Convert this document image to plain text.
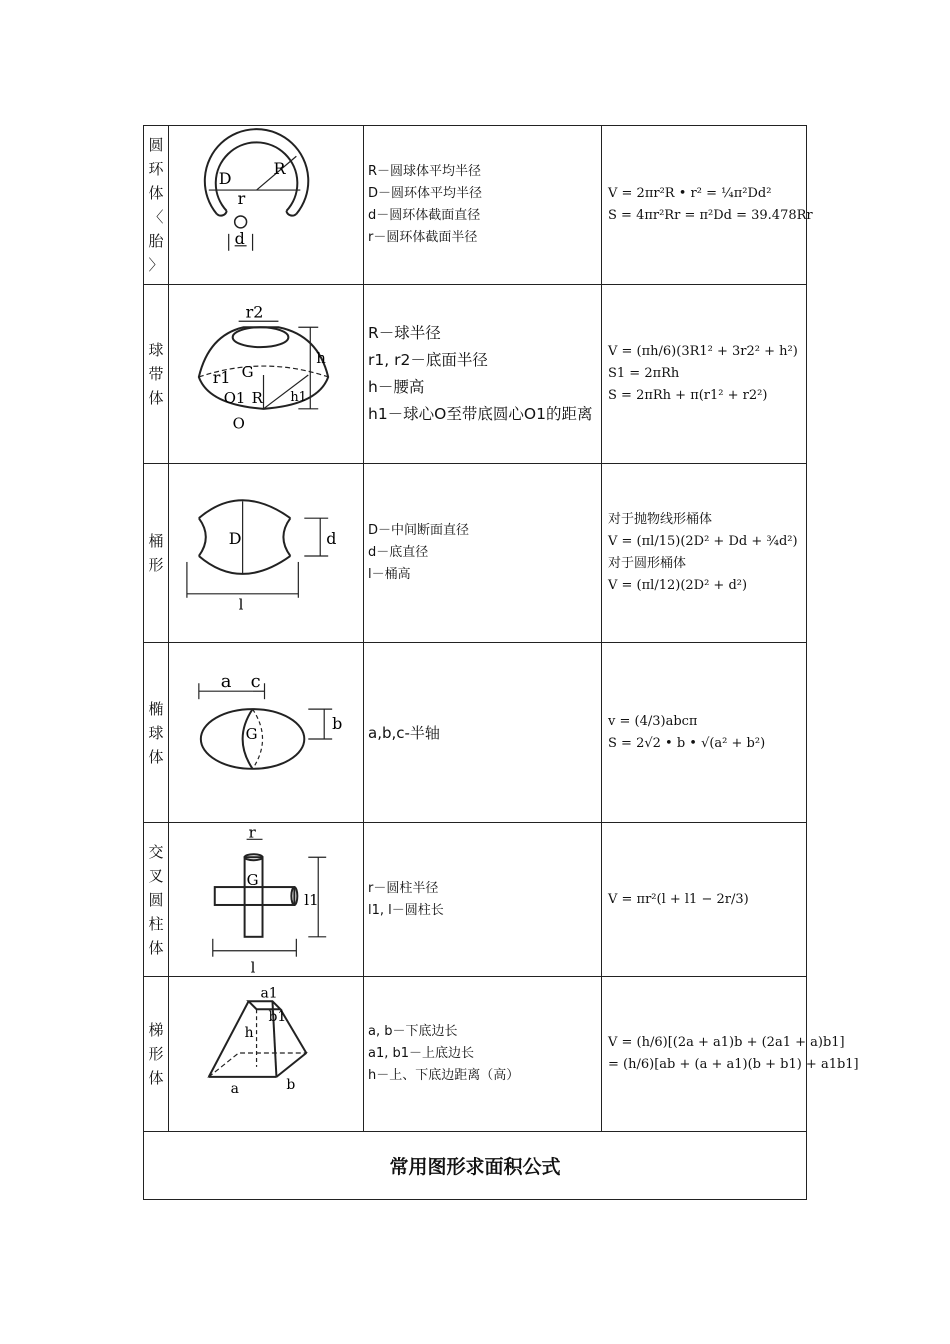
圆
环
体
〈
胎
〉
D
R
r
d
R－圆球体平均半径
D－圆环体平均半径
d－圆环体截面直径
r－圆环体截面半径
V = 2πr²R • r² = ¼π²Dd²
S = 4πr²Rr = π²Dd = 39.478Rr
球
带
体
r2
r1 G
O1 R
O
h
h1
R－球半径
r1, r2－底面半径
h－腰高
h1－球心O至带底圆心O1的距离
V = (πh/6)(3R1² + 3r2² + h²)
S1 = 2πRh
S = 2πRh + π(r1² + r2²)
桶
形
D	d
l
D－中间断面直径
d－底直径
l－桶高
对于抛物线形桶体
V = (πl/15)(2D² + Dd + ¾d²)
对于圆形桶体
V = (πl/12)(2D² + d²)
椭
球
体
a c
G
b a,b,c-半轴
v = (4/3)abcπ
S = 2√2 • b • √(a² + b²)
交
叉
圆
柱
体
r
G
l1
l
r－圆柱半径
l1, l－圆柱长
V = πr²(l + l1 − 2r/3)
梯
形
体
a1
b1
h
a	b
a, b－下底边长
a1, b1－上底边长
h－上、下底边距离（高）
V = (h/6)[(2a + a1)b + (2a1 + a)b1]
= (h/6)[ab + (a + a1)(b + b1) + a1b1]
常用图形求面积公式
